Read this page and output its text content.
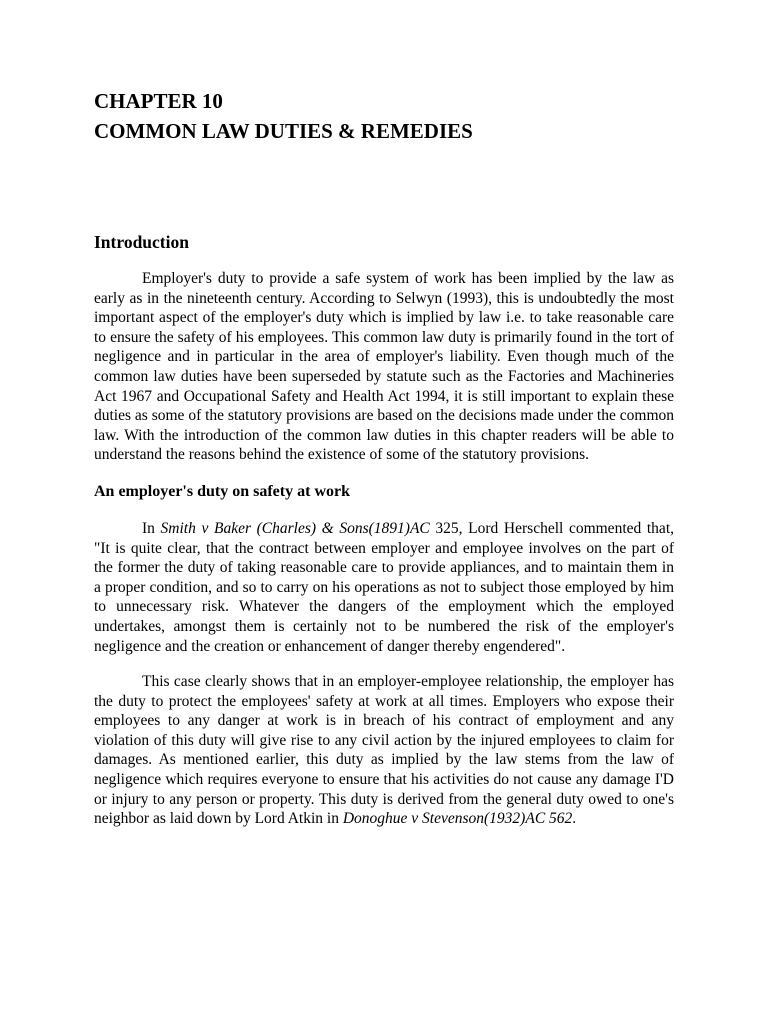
CHAPTER 10
COMMON LAW DUTIES & REMEDIES
Introduction

Employer's duty to provide a safe system of work has been implied by the law as early as in the nineteenth century. According to Selwyn (1993), this is undoubtedly the most important aspect of the employer's duty which is implied by law i.e. to take reasonable care to ensure the safety of his employees. This common law duty is primarily found in the tort of negligence and in particular in the area of employer's liability. Even though much of the common law duties have been superseded by statute such as the Factories and Machineries Act 1967 and Occupational Safety and Health Act 1994, it is still important to explain these duties as some of the statutory provisions are based on the decisions made under the common law. With the introduction of the common law duties in this chapter readers will be able to understand the reasons behind the existence of some of the statutory provisions.

An employer's duty on safety at work

In Smith v Baker (Charles) & Sons(1891)AC 325, Lord Herschell commented that, "It is quite clear, that the contract between employer and employee involves on the part of the former the duty of taking reasonable care to provide appliances, and to maintain them in a proper condition, and so to carry on his operations as not to subject those employed by him to unnecessary risk. Whatever the dangers of the employment which the employed undertakes, amongst them is certainly not to be numbered the risk of the employer's negligence and the creation or enhancement of danger thereby engendered".

This case clearly shows that in an employer-employee relationship, the employer has the duty to protect the employees' safety at work at all times. Employers who expose their employees to any danger at work is in breach of his contract of employment and any violation of this duty will give rise to any civil action by the injured employees to claim for damages. As mentioned earlier, this duty as implied by the law stems from the law of negligence which requires everyone to ensure that his activities do not cause any damage I'D or injury to any person or property. This duty is derived from the general duty owed to one's neighbor as laid down by Lord Atkin in Donoghue v Stevenson(1932)AC 562.
